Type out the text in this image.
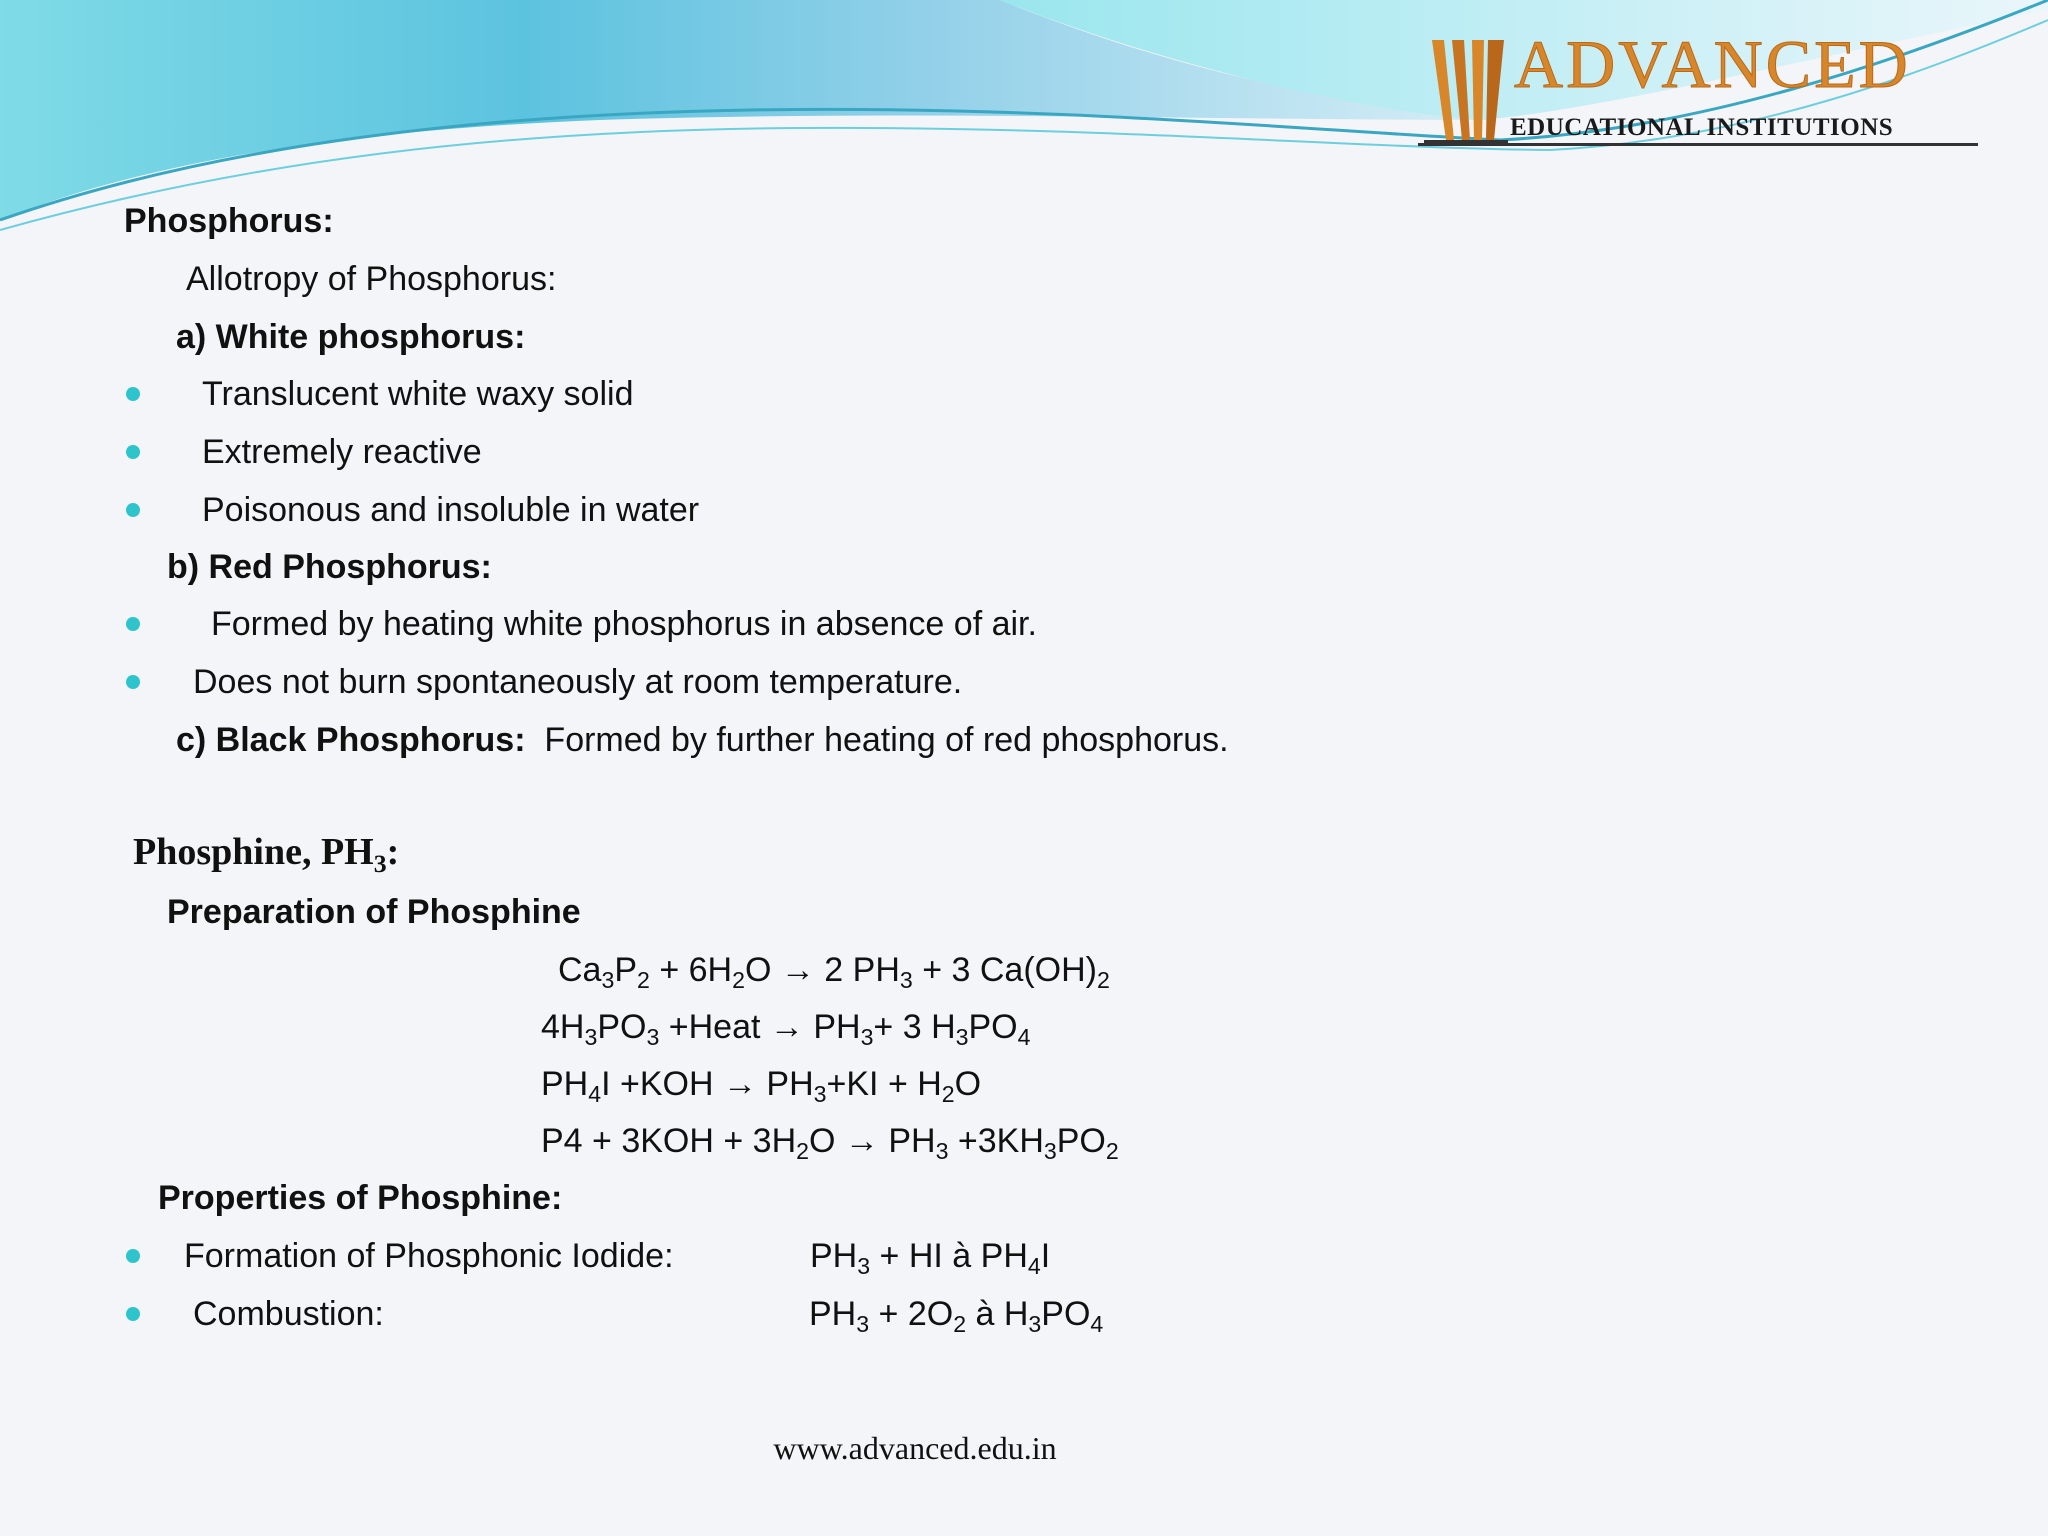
ADVANCED
EDUCATIONAL INSTITUTIONS
Phosphorus:
Allotropy of Phosphorus:
a) White phosphorus:
Translucent white waxy solid
Extremely reactive
Poisonous and insoluble in water
b) Red Phosphorus:
Formed by heating white phosphorus in absence of air.
Does not burn spontaneously at room temperature.
c) Black Phosphorus: Formed by further heating of red phosphorus.
Phosphine, $PH_3$:
Preparation of Phosphine
$Ca_3P_2 + 6H_2O \to 2$ $PH_3 + 3$ $Ca(OH)_2$
$4H_3PO_3$ +Heat → $PH_3+ 3$ $H_3PO_4$
$PH_4I +KOH \to PH_3+KI + H_2O$
$P4 + 3KOH + 3H_2O \to PH_3 +3KH_3PO_2$
Properties of Phosphine:
Formation of Phosphonic Iodide:	$PH_3$ + HI à $PH_4I$
Combustion:	$PH_3 + 2O_2$ à $H_3PO_4$
www.advanced.edu.in
